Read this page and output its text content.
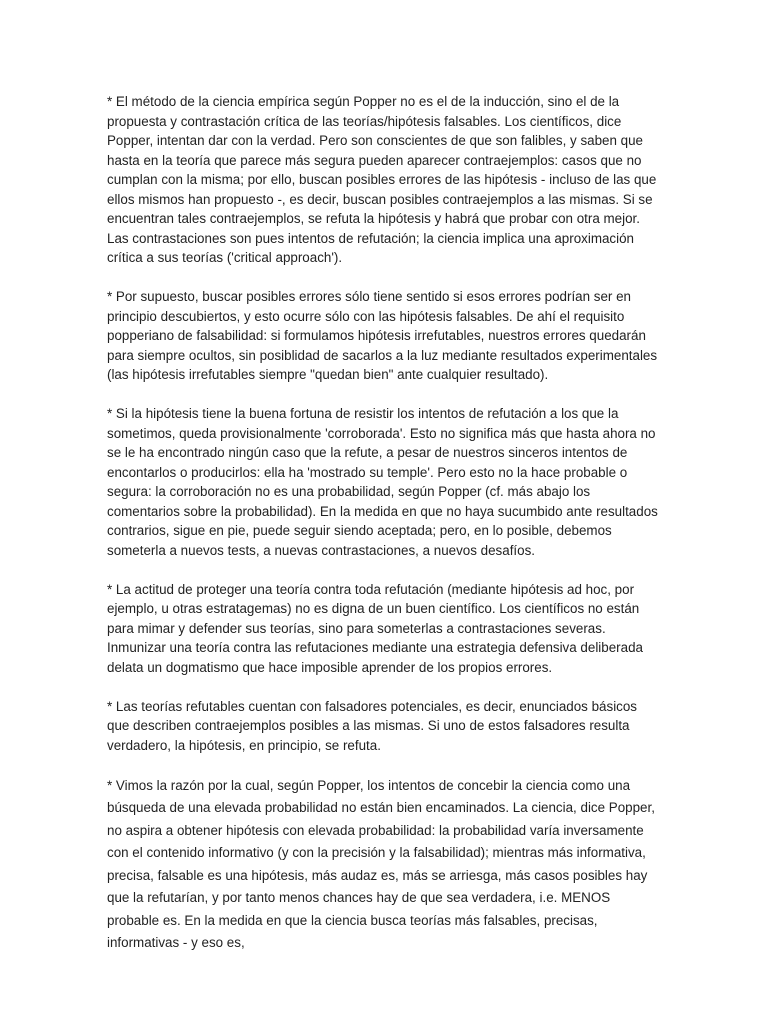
* El método de la ciencia empírica según Popper no es el de la inducción, sino el de la propuesta y contrastación crítica de las teorías/hipótesis falsables. Los científicos, dice Popper, intentan dar con la verdad. Pero son conscientes de que son falibles, y saben que hasta en la teoría que parece más segura pueden aparecer contraejemplos: casos que no cumplan con la misma; por ello, buscan posibles errores de las hipótesis - incluso de las que ellos mismos han propuesto -, es decir, buscan posibles contraejemplos a las mismas. Si se encuentran tales contraejemplos, se refuta la hipótesis y habrá que probar con otra mejor. Las contrastaciones son pues intentos de refutación; la ciencia implica una aproximación crítica a sus teorías ('critical approach').

* Por supuesto, buscar posibles errores sólo tiene sentido si esos errores podrían ser en principio descubiertos, y esto ocurre sólo con las hipótesis falsables. De ahí el requisito popperiano de falsabilidad: si formulamos hipótesis irrefutables, nuestros errores quedarán para siempre ocultos, sin posiblidad de sacarlos a la luz mediante resultados experimentales (las hipótesis irrefutables siempre "quedan bien" ante cualquier resultado).

* Si la hipótesis tiene la buena fortuna de resistir los intentos de refutación a los que la sometimos, queda provisionalmente 'corroborada'. Esto no significa más que hasta ahora no se le ha encontrado ningún caso que la refute, a pesar de nuestros sinceros intentos de encontarlos o producirlos: ella ha 'mostrado su temple'. Pero esto no la hace probable o segura: la corroboración no es una probabilidad, según Popper (cf. más abajo los comentarios sobre la probabilidad). En la medida en que no haya sucumbido ante resultados contrarios, sigue en pie, puede seguir siendo aceptada; pero, en lo posible, debemos someterla a nuevos tests, a nuevas contrastaciones, a nuevos desafíos.

* La actitud de proteger una teoría contra toda refutación (mediante hipótesis ad hoc, por ejemplo, u otras estratagemas) no es digna de un buen científico. Los científicos no están para mimar y defender sus teorías, sino para someterlas a contrastaciones severas. Inmunizar una teoría contra las refutaciones mediante una estrategia defensiva deliberada delata un dogmatismo que hace imposible aprender de los propios errores.

* Las teorías refutables cuentan con falsadores potenciales, es decir, enunciados básicos que describen contraejemplos posibles a las mismas. Si uno de estos falsadores resulta verdadero, la hipótesis, en principio, se refuta.

* Vimos la razón por la cual, según Popper, los intentos de concebir la ciencia como una búsqueda de una elevada probabilidad no están bien encaminados. La ciencia, dice Popper, no aspira a obtener hipótesis con elevada probabilidad: la probabilidad varía inversamente con el contenido informativo (y con la precisión y la falsabilidad); mientras más informativa, precisa, falsable es una hipótesis, más audaz es, más se arriesga, más casos posibles hay que la refutarían, y por tanto menos chances hay de que sea verdadera, i.e. MENOS probable es. En la medida en que la ciencia busca teorías más falsables, precisas, informativas - y eso es,
